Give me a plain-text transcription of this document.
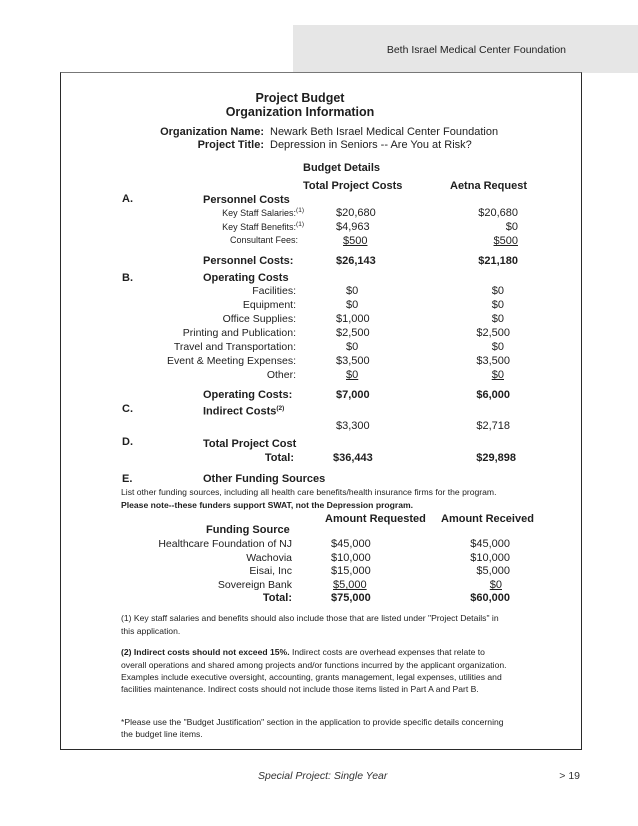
Beth Israel Medical Center Foundation
Project Budget
Organization Information
Organization Name: Newark Beth Israel Medical Center Foundation
Project Title: Depression in Seniors -- Are You at Risk?
Budget Details
Total Project Costs	Aetna Request
A.	Personnel Costs
Key Staff Salaries:$^{(1)}$	$20,680	$20,680
Key Staff Benefits:$^{(1)}$	$4,963	$0
Consultant Fees:	$500	$500
Personnel Costs:	$26,143	$21,180
B.	Operating Costs
Facilities:	$0	$0
Equipment:	$0	$0
Office Supplies:	$1,000	$0
Printing and Publication:	$2,500	$2,500
Travel and Transportation:	$0	$0
Event & Meeting Expenses:	$3,500	$3,500
Other:	$0	$0
Operating Costs:	$7,000	$6,000
C.	Indirect Costs$^{(2)}$
$3,300	$2,718
D.	Total Project Cost
Total:	$36,443	$29,898
E.	Other Funding Sources
List other funding sources, including all health care benefits/health insurance firms for the program.
Please note--these funders support SWAT, not the Depression program.
Amount Requested Amount Received
Funding Source
Healthcare Foundation of NJ	$45,000	$45,000
Wachovia	$10,000	$10,000
Eisai, Inc	$15,000	$5,000
Sovereign Bank	$5,000	$0
Total:	$75,000	$60,000
(1) Key staff salaries and benefits should also include those that are listed under "Project Details" in
this application.
(2) Indirect costs should not exceed 15%. Indirect costs are overhead expenses that relate to
overall operations and shared among projects and/or functions incurred by the applicant organization.
Examples include executive oversight, accounting, grants management, legal expenses, utilities and
facilities maintenance. Indirect costs should not include those items listed in Part A and Part B.
*Please use the "Budget Justification" section in the application to provide specific details concerning
the budget line items.
Special Project: Single Year	> 19
